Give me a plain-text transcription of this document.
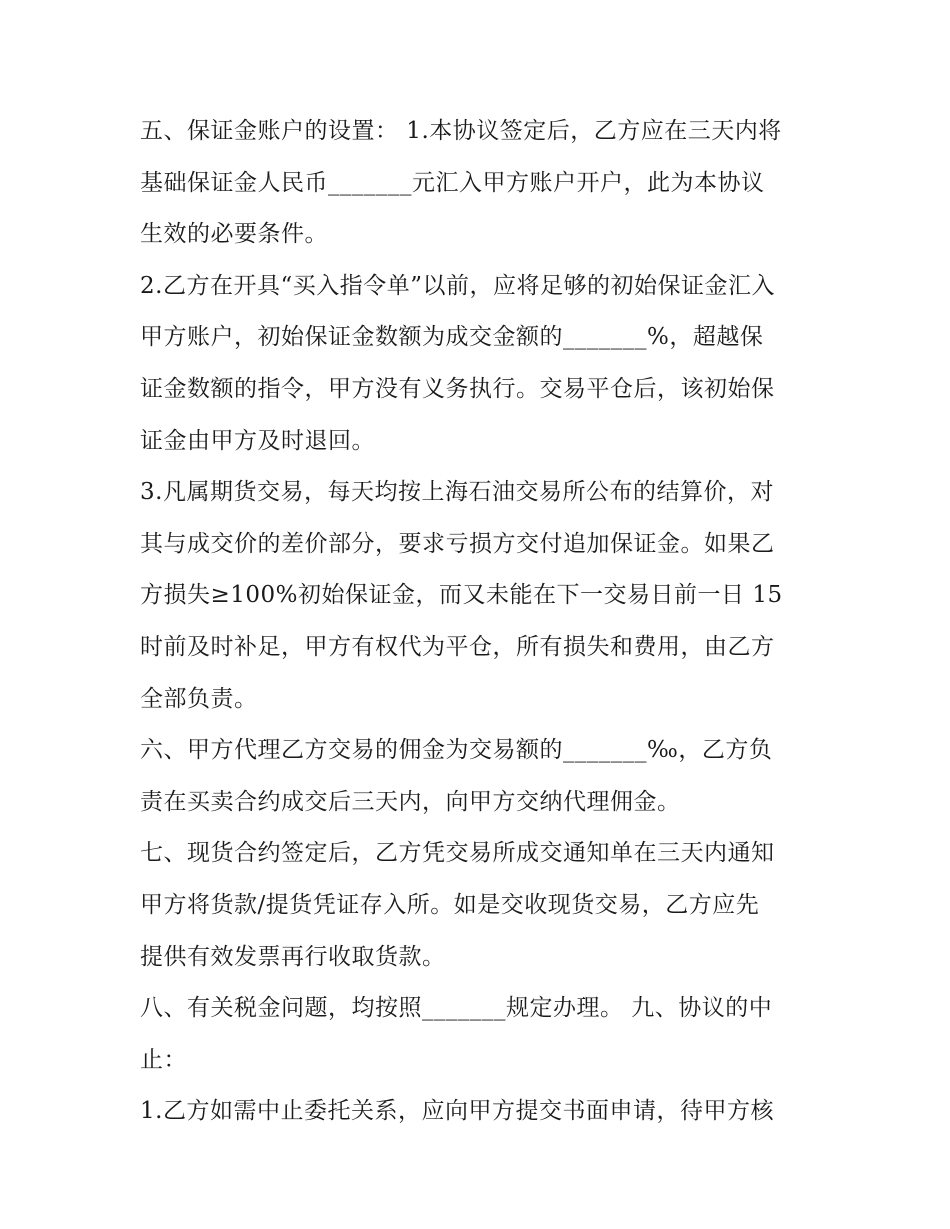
五、保证金账户的设置： 1.本协议签定后，乙方应在三天内将
基础保证金人民币_______元汇入甲方账户开户，此为本协议
生效的必要条件。
2.乙方在开具“买入指令单”以前，应将足够的初始保证金汇入
甲方账户，初始保证金数额为成交金额的_______%，超越保
证金数额的指令，甲方没有义务执行。交易平仓后，该初始保
证金由甲方及时退回。
3.凡属期货交易，每天均按上海石油交易所公布的结算价，对
其与成交价的差价部分，要求亏损方交付追加保证金。如果乙
方损失≥100%初始保证金，而又未能在下一交易日前一日 15
时前及时补足，甲方有权代为平仓，所有损失和费用，由乙方
全部负责。
六、甲方代理乙方交易的佣金为交易额的_______‰，乙方负
责在买卖合约成交后三天内，向甲方交纳代理佣金。
七、现货合约签定后，乙方凭交易所成交通知单在三天内通知
甲方将货款/提货凭证存入所。如是交收现货交易，乙方应先
提供有效发票再行收取货款。
八、有关税金问题，均按照_______规定办理。 九、协议的中
止：
1.乙方如需中止委托关系，应向甲方提交书面申请，待甲方核
